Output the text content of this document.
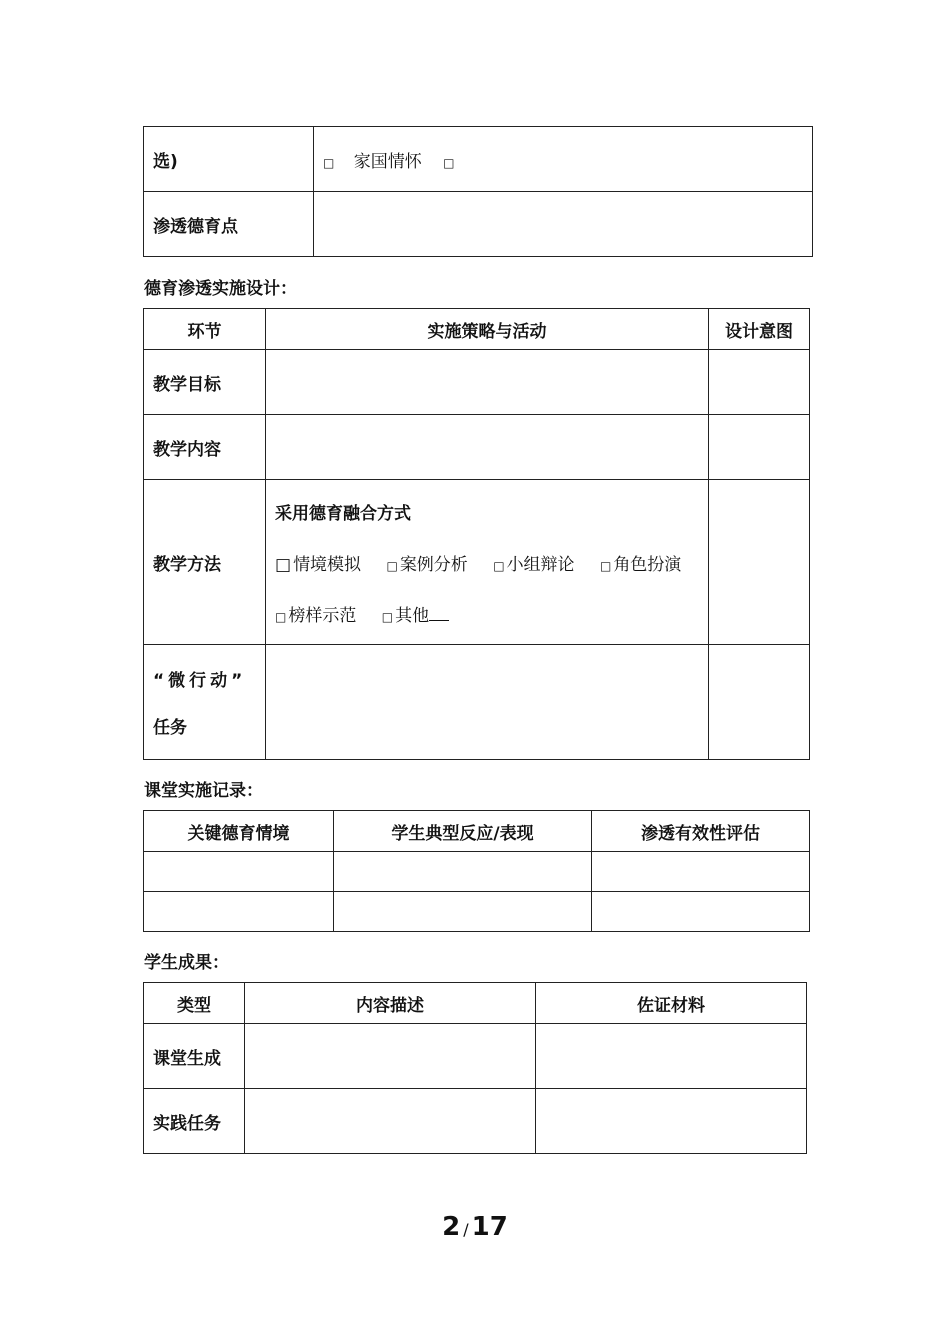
选)	□ 家国情怀 □
渗透德育点	
德育渗透实施设计：
环节	实施策略与活动	设计意图
教学目标		
教学内容		
教学方法	采用德育融合方式
□ 情境模拟 □ 案例分析 □ 小组辩论 □ 角色扮演
□ 榜样示范 □ 其他	

“微行动”
任务		

课堂实施记录：
关键德育情境	学生典型反应/表现	渗透有效性评估

学生成果：
类型	内容描述	佐证材料
课堂生成		
实践任务		
2 / 17
